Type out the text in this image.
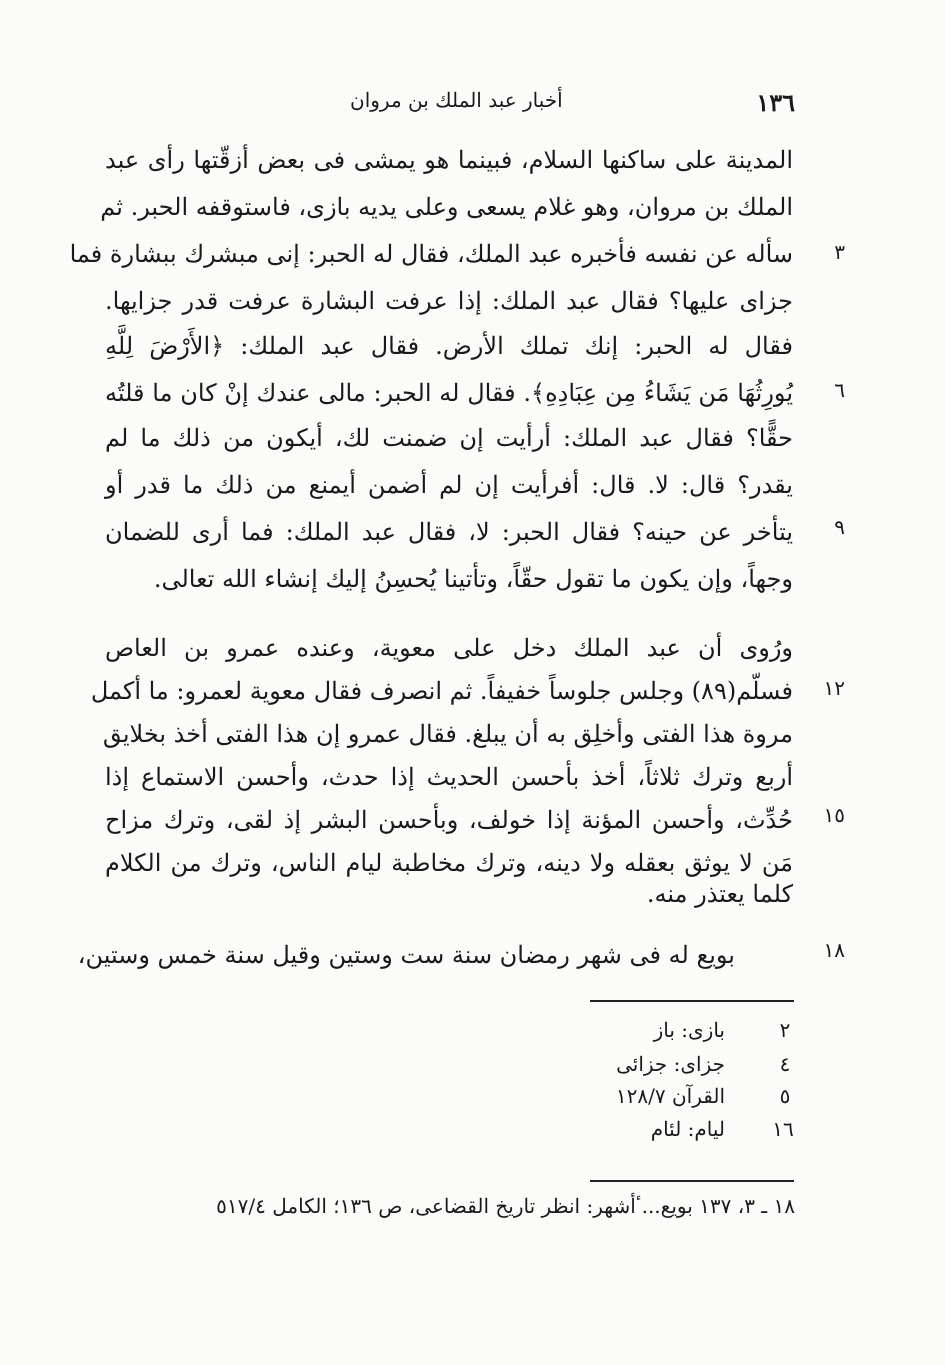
١٣٦
أخبار عبد الملك بن مروان
المدينة على ساكنها السلام، فبينما هو يمشى فى بعض أزقّتها رأى عبد
الملك بن مروان، وهو غلام يسعى وعلى يديه بازى، فاستوقفه الحبر. ثم
سأله عن نفسه فأخبره عبد الملك، فقال له الحبر: إنى مبشرك ببشارة فما
جزاى عليها؟ فقال عبد الملك: إذا عرفت البشارة عرفت قدر جزايها.
فقال له الحبر: إنك تملك الأرض. فقال عبد الملك: ﴿الأَرْضَ لِلَّهِ
يُورِثُهَا مَن يَشَاءُ مِن عِبَادِهِ﴾. فقال له الحبر: مالى عندك إنْ كان ما قلتُه
حقًّا؟ فقال عبد الملك: أرأيت إن ضمنت لك، أيكون من ذلك ما لم
يقدر؟ قال: لا. قال: أفرأيت إن لم أضمن أيمنع من ذلك ما قدر أو
يتأخر عن حينه؟ فقال الحبر: لا، فقال عبد الملك: فما أرى للضمان
وجهاً، وإن يكون ما تقول حقّاً، وتأتينا يُحسِنُ إليك إنشاء الله تعالى.
ورُوى أن عبد الملك دخل على معوية، وعنده عمرو بن العاص
فسلّم(٨٩) وجلس جلوساً خفيفاً. ثم انصرف فقال معوية لعمرو: ما أكمل
مروة هذا الفتى وأخلِق به أن يبلغ. فقال عمرو إن هذا الفتى أخذ بخلايق
أربع وترك ثلاثاً، أخذ بأحسن الحديث إذا حدث، وأحسن الاستماع إذا
حُدِّث، وأحسن المؤنة إذا خولف، وبأحسن البشر إذ لقى، وترك مزاح
مَن لا يوثق بعقله ولا دينه، وترك مخاطبة ليام الناس، وترك من الكلام
كلما يعتذر منه.
بويع له فى شهر رمضان سنة ست وستين وقيل سنة خمس وستين،
٣
٦
٩
١٢
١٥
١٨
٢
بازى: باز
٤
جزاى: جزائى
٥
القرآن ١٢٨/٧
١٦
ليام: لئام
١٨ ـ ٣، ١٣٧ بويع...ٴأشهر: انظر تاريخ القضاعى، ص ١٣٦؛ الكامل ٥١٧/٤
